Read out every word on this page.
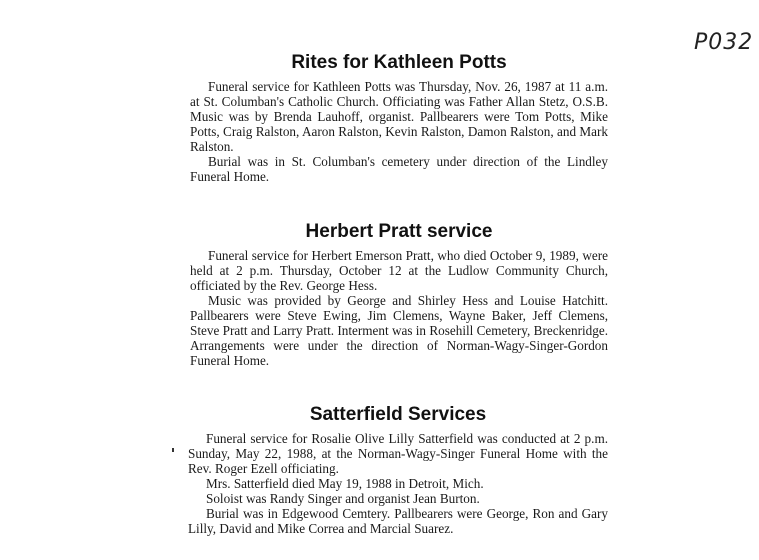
P032
Rites for Kathleen Potts

Funeral service for Kathleen Potts was Thursday, Nov. 26, 1987 at 11 a.m. at St. Columban's Catholic Church. Officiating was Father Allan Stetz, O.S.B. Music was by Brenda Lauhoff, organist. Pallbearers were Tom Potts, Mike Potts, Craig Ralston, Aaron Ralston, Kevin Ralston, Damon Ralston, and Mark Ralston.

Burial was in St. Columban's cemetery under direction of the Lindley Funeral Home.

Herbert Pratt service

Funeral service for Herbert Emerson Pratt, who died October 9, 1989, were held at 2 p.m. Thursday, October 12 at the Ludlow Community Church, officiated by the Rev. George Hess.

Music was provided by George and Shirley Hess and Louise Hatchitt. Pallbearers were Steve Ewing, Jim Clemens, Wayne Baker, Jeff Clemens, Steve Pratt and Larry Pratt. Interment was in Rosehill Cemetery, Breckenridge. Arrangements were under the direction of Norman-Wagy-Singer-Gordon Funeral Home.

Satterfield Services

Funeral service for Rosalie Olive Lilly Satterfield was conducted at 2 p.m. Sunday, May 22, 1988, at the Norman-Wagy-Singer Funeral Home with the Rev. Roger Ezell officiating.

Mrs. Satterfield died May 19, 1988 in Detroit, Mich.

Soloist was Randy Singer and organist Jean Burton.

Burial was in Edgewood Cemtery. Pallbearers were George, Ron and Gary Lilly, David and Mike Correa and Marcial Suarez.
